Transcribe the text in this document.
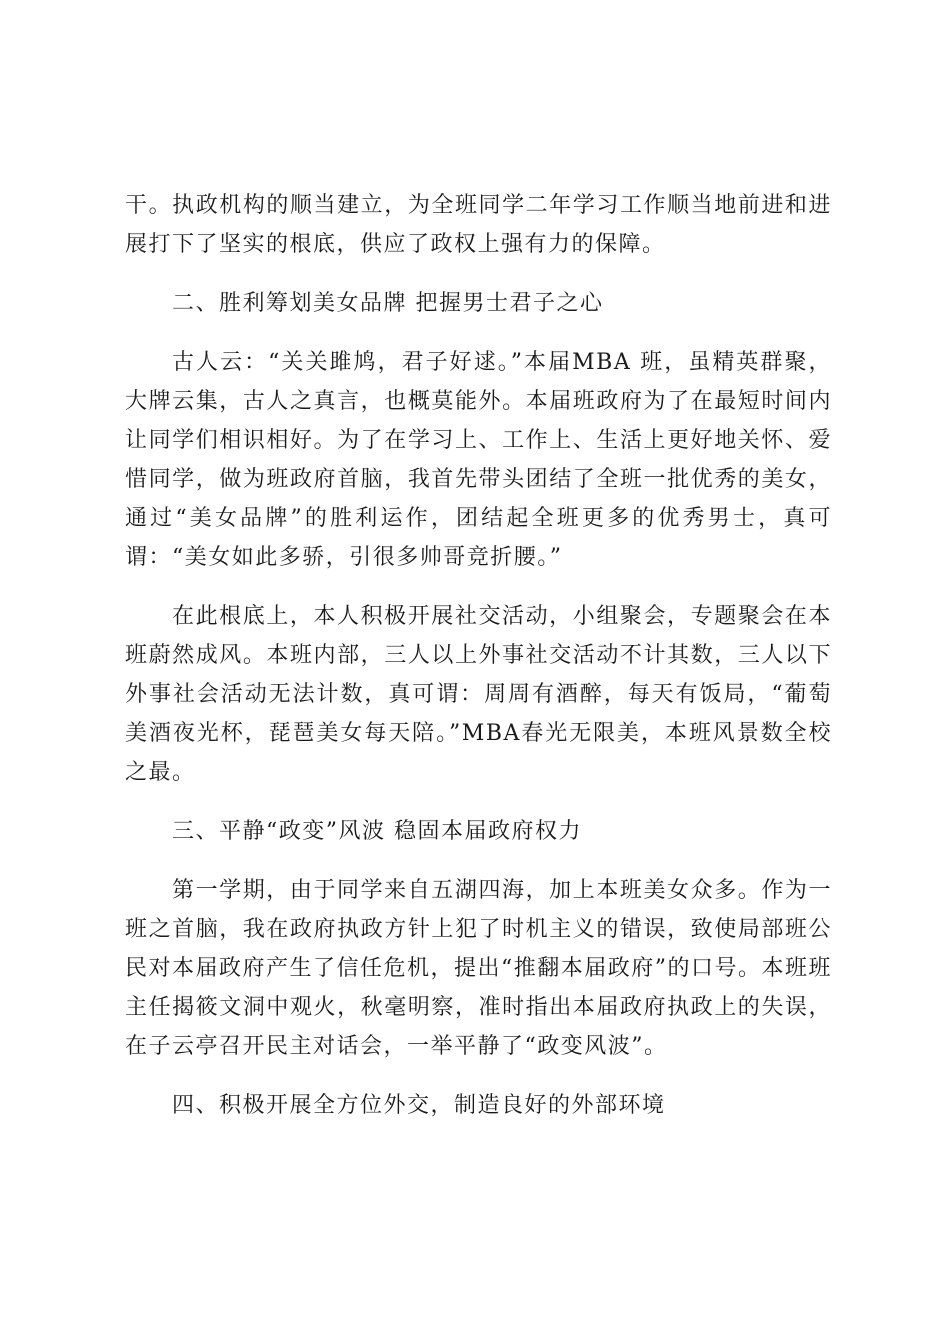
干。执政机构的顺当建立，为全班同学二年学习工作顺当地前进和进展打下了坚实的根底，供应了政权上强有力的保障。

二、胜利筹划美女品牌 把握男士君子之心

古人云：“关关雎鸠，君子好逑。”本届MBA 班，虽精英群聚，大牌云集，古人之真言，也概莫能外。本届班政府为了在最短时间内让同学们相识相好。为了在学习上、工作上、生活上更好地关怀、爱惜同学，做为班政府首脑，我首先带头团结了全班一批优秀的美女，通过“美女品牌”的胜利运作，团结起全班更多的优秀男士，真可谓：“美女如此多骄，引很多帅哥竞折腰。”

在此根底上，本人积极开展社交活动，小组聚会，专题聚会在本班蔚然成风。本班内部，三人以上外事社交活动不计其数，三人以下外事社会活动无法计数，真可谓：周周有酒醉，每天有饭局，“葡萄美酒夜光杯，琵琶美女每天陪。”MBA春光无限美，本班风景数全校之最。

三、平静“政变”风波 稳固本届政府权力

第一学期，由于同学来自五湖四海，加上本班美女众多。作为一班之首脑，我在政府执政方针上犯了时机主义的错误，致使局部班公民对本届政府产生了信任危机，提出“推翻本届政府”的口号。本班班主任揭筱文洞中观火，秋毫明察，准时指出本届政府执政上的失误，在子云亭召开民主对话会，一举平静了“政变风波”。

四、积极开展全方位外交，制造良好的外部环境
